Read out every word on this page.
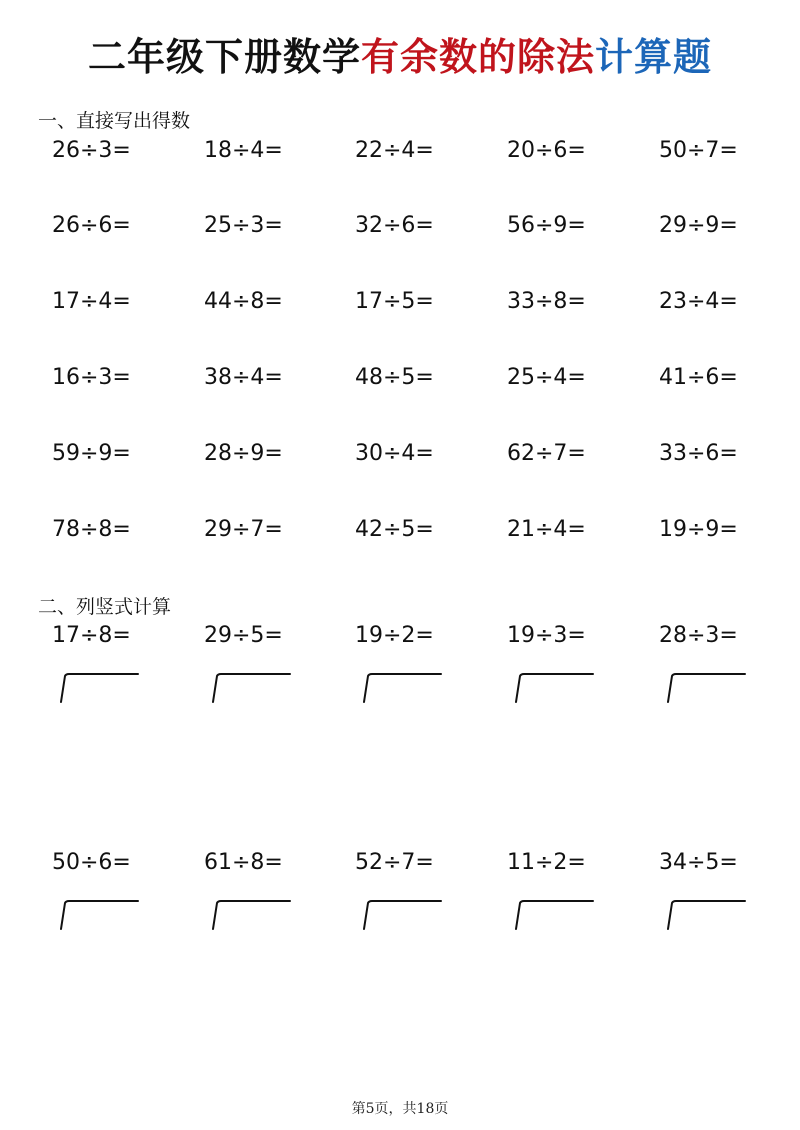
二年级下册数学有余数的除法计算题
一、直接写出得数
26÷3=	18÷4=	22÷4=	20÷6=	50÷7=
26÷6=	25÷3=	32÷6=	56÷9=	29÷9=
17÷4=	44÷8=	17÷5=	33÷8=	23÷4=
16÷3=	38÷4=	48÷5=	25÷4=	41÷6=
59÷9=	28÷9=	30÷4=	62÷7=	33÷6=
78÷8=	29÷7=	42÷5=	21÷4=	19÷9=
二、列竖式计算
17÷8=	29÷5=	19÷2=	19÷3=	28÷3=
50÷6=	61÷8=	52÷7=	11÷2=	34÷5=
第5页，共18页
